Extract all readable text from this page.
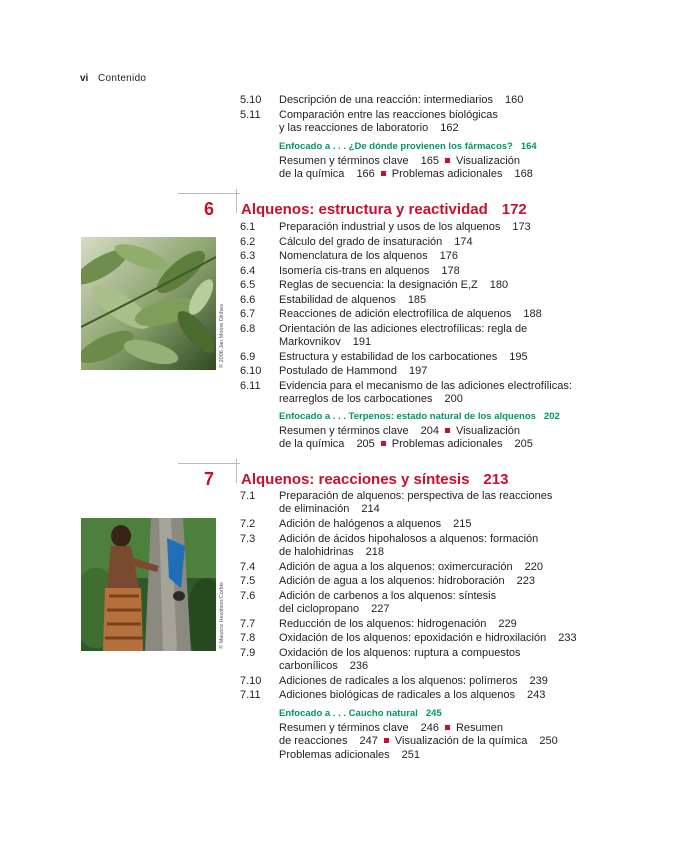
vi Contenido
6 Alquenos: estructura y reactividad 172
© 2006 Jan Moore Dinhes
7 Alquenos: reacciones y síntesis 213
© Maurice Hewitson/Corbis
5.10 Descripción de una reacción: intermediarios 160
5.11 Comparación entre las reacciones biológicas
y las reacciones de laboratorio 162
Enfocado a . . . ¿De dónde provienen los fármacos? 164
Resumen y términos clave 165 Visualización
de la química 166 Problemas adicionales 168
6.1 Preparación industrial y usos de los alquenos 173
6.2 Cálculo del grado de insaturación 174
6.3 Nomenclatura de los alquenos 176
6.4 Isomería cis-trans en alquenos 178
6.5 Reglas de secuencia: la designación E,Z 180
6.6 Estabilidad de alquenos 185
6.7 Reacciones de adición electrofílica de alquenos 188
6.8 Orientación de las adiciones electrofílicas: regla de
Markovnikov 191
6.9 Estructura y estabilidad de los carbocationes 195
6.10 Postulado de Hammond 197
6.11 Evidencia para el mecanismo de las adiciones electrofílicas:
rearreglos de los carbocationes 200
Enfocado a . . . Terpenos: estado natural de los alquenos 202
Resumen y términos clave 204 Visualización
de la química 205 Problemas adicionales 205
7.1 Preparación de alquenos: perspectiva de las reacciones
de eliminación 214
7.2 Adición de halógenos a alquenos 215
7.3 Adición de ácidos hipohalosos a alquenos: formación
de halohidrinas 218
7.4 Adición de agua a los alquenos: oximercuración 220
7.5 Adición de agua a los alquenos: hidroboración 223
7.6 Adición de carbenos a los alquenos: síntesis
del ciclopropano 227
7.7 Reducción de los alquenos: hidrogenación 229
7.8 Oxidación de los alquenos: epoxidación e hidroxilación 233
7.9 Oxidación de los alquenos: ruptura a compuestos
carbonílicos 236
7.10 Adiciones de radicales a los alquenos: polímeros 239
7.11 Adiciones biológicas de radicales a los alquenos 243
Enfocado a . . . Caucho natural 245
Resumen y términos clave 246 Resumen
de reacciones 247 Visualización de la química 250
Problemas adicionales 251
